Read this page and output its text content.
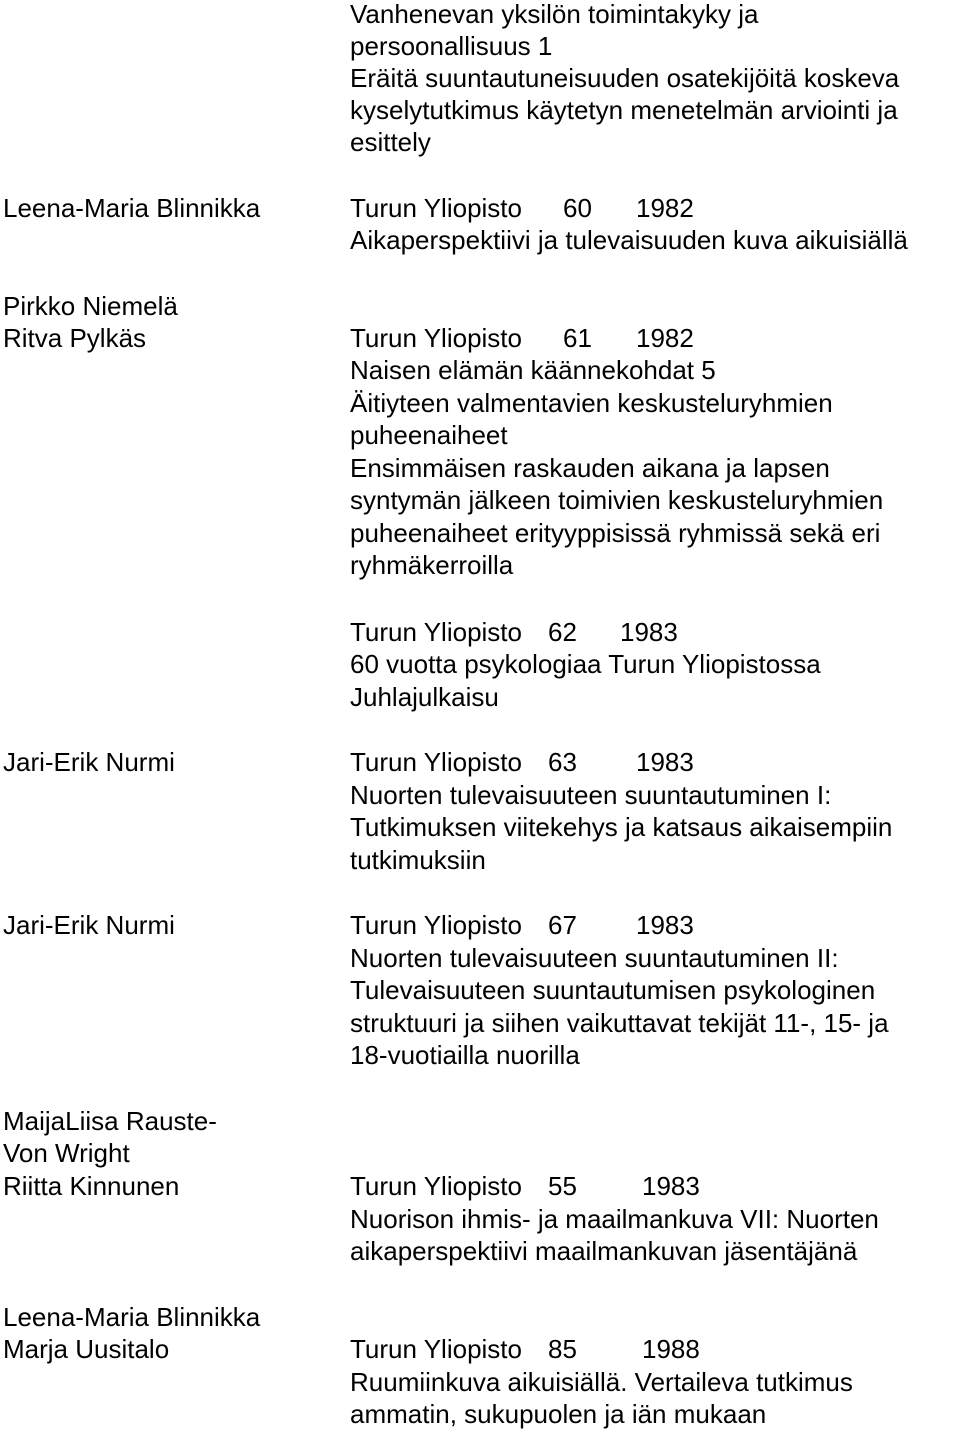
Vanhenevan yksilön toimintakyky ja
persoonallisuus 1
Eräitä suuntautuneisuuden osatekijöitä koskeva
kyselytutkimus käytetyn menetelmän arviointi ja
esittely
Leena-Maria Blinnikka	Turun Yliopisto 60 1982
Aikaperspektiivi ja tulevaisuuden kuva aikuisiällä
Pirkko Niemelä
Ritva Pylkäs	Turun Yliopisto 61 1982
Naisen elämän käännekohdat 5
Äitiyteen valmentavien keskusteluryhmien
puheenaiheet
Ensimmäisen raskauden aikana ja lapsen
syntymän jälkeen toimivien keskusteluryhmien
puheenaiheet erityyppisissä ryhmissä sekä eri
ryhmäkerroilla
Turun Yliopisto 62 1983
60 vuotta psykologiaa Turun Yliopistossa
Juhlajulkaisu
Jari-Erik Nurmi	Turun Yliopisto 63 1983
Nuorten tulevaisuuteen suuntautuminen I:
Tutkimuksen viitekehys ja katsaus aikaisempiin
tutkimuksiin
Jari-Erik Nurmi	Turun Yliopisto 67 1983
Nuorten tulevaisuuteen suuntautuminen II:
Tulevaisuuteen suuntautumisen psykologinen
struktuuri ja siihen vaikuttavat tekijät 11-, 15- ja
18-vuotiailla nuorilla
MaijaLiisa Rauste-
Von Wright
Riitta Kinnunen	Turun Yliopisto 55	1983
Nuorison ihmis- ja maailmankuva VII: Nuorten
aikaperspektiivi maailmankuvan jäsentäjänä
Leena-Maria Blinnikka
Marja Uusitalo	Turun Yliopisto 85	1988
Ruumiinkuva aikuisiällä. Vertaileva tutkimus
ammatin, sukupuolen ja iän mukaan
